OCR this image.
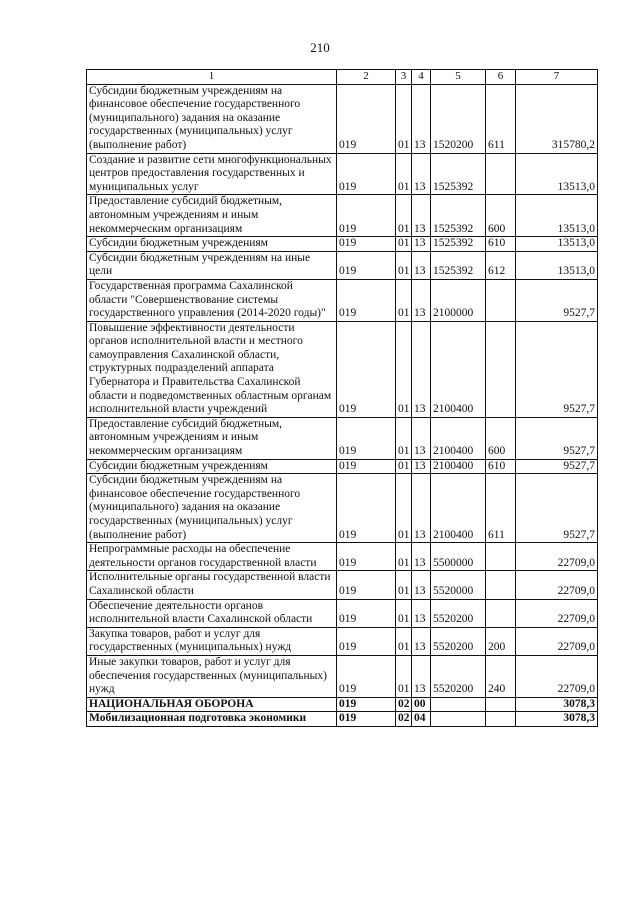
210
1	2	3	4	5	6	7
Субсидии бюджетным учреждениям на финансовое обеспечение государственного (муниципального) задания на оказание государственных (муниципальных) услуг (выполнение работ)	019	01	13	1520200	611	315780,2
Создание и развитие сети многофункциональных центров предоставления государственных и муниципальных услуг	019	01	13	1525392		13513,0
Предоставление субсидий бюджетным, автономным учреждениям и иным некоммерческим организациям	019	01	13	1525392	600	13513,0
Субсидии бюджетным учреждениям	019	01	13	1525392	610	13513,0
Субсидии бюджетным учреждениям на иные цели	019	01	13	1525392	612	13513,0
Государственная программа Сахалинской области "Совершенствование системы государственного управления (2014-2020 годы)"	019	01	13	2100000		9527,7
Повышение эффективности деятельности органов исполнительной власти и местного самоуправления Сахалинской области, структурных подразделений аппарата Губернатора и Правительства Сахалинской области и подведомственных областным органам исполнительной власти учреждений	019	01	13	2100400		9527,7
Предоставление субсидий бюджетным, автономным учреждениям и иным некоммерческим организациям	019	01	13	2100400	600	9527,7
Субсидии бюджетным учреждениям	019	01	13	2100400	610	9527,7
Субсидии бюджетным учреждениям на финансовое обеспечение государственного (муниципального) задания на оказание государственных (муниципальных) услуг (выполнение работ)	019	01	13	2100400	611	9527,7
Непрограммные расходы на обеспечение деятельности органов государственной власти	019	01	13	5500000		22709,0
Исполнительные органы государственной власти Сахалинской области	019	01	13	5520000		22709,0
Обеспечение деятельности органов исполнительной власти Сахалинской области	019	01	13	5520200		22709,0
Закупка товаров, работ и услуг для государственных (муниципальных) нужд	019	01	13	5520200	200	22709,0
Иные закупки товаров, работ и услуг для обеспечения государственных (муниципальных) нужд	019	01	13	5520200	240	22709,0
НАЦИОНАЛЬНАЯ ОБОРОНА	019	02	00			3078,3
Мобилизационная подготовка экономики	019	02	04			3078,3
